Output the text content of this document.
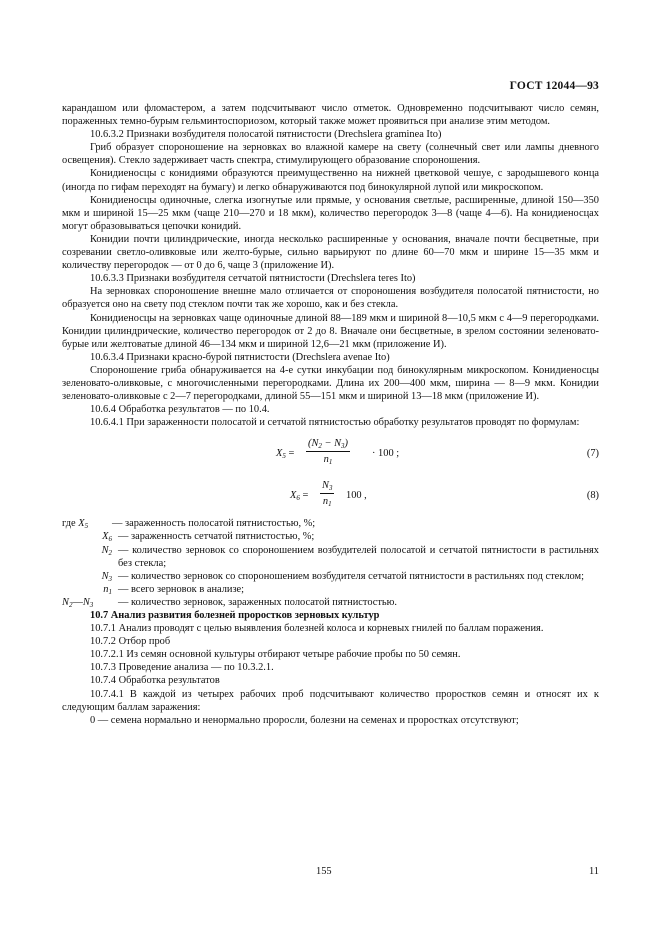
ГОСТ 12044—93

карандашом или фломастером, а затем подсчитывают число отметок. Одновременно подсчитывают число семян, пораженных темно-бурым гельминтоспориозом, который также может проявиться при анализе этим методом.

10.6.3.2 Признаки возбудителя полосатой пятнистости (Drechslera graminea Ito)

Гриб образует спороношение на зерновках во влажной камере на свету (солнечный свет или лампы дневного освещения). Стекло задерживает часть спектра, стимулирующего образование спороношения.

Конидиеносцы с конидиями образуются преимущественно на нижней цветковой чешуе, с зародышевого конца (иногда по гифам переходят на бумагу) и легко обнаруживаются под бинокулярной лупой или микроскопом.

Конидиеносцы одиночные, слегка изогнутые или прямые, у основания светлые, расширенные, длиной 150—350 мкм и шириной 15—25 мкм (чаще 210—270 и 18 мкм), количество перегородок 3—8 (чаще 4—6). На конидиеносцах могут образовываться цепочки конидий.

Конидии почти цилиндрические, иногда несколько расширенные у основания, вначале почти бесцветные, при созревании светло-оливковые или желто-бурые, сильно варьируют по длине 60—70 мкм и ширине 15—35 мкм и количеству перегородок — от 0 до 6, чаще 3 (приложение И).

10.6.3.3 Признаки возбудителя сетчатой пятнистости (Drechslera teres Ito)

На зерновках спороношение внешне мало отличается от спороношения возбудителя полосатой пятнистости, но образуется оно на свету под стеклом почти так же хорошо, как и без стекла.

Конидиеносцы на зерновках чаще одиночные длиной 88—189 мкм и шириной 8—10,5 мкм с 4—9 перегородками. Конидии цилиндрические, количество перегородок от 2 до 8. Вначале они бесцветные, в зрелом состоянии зеленовато-бурые или желтоватые длиной 46—134 мкм и шириной 12,6—21 мкм (приложение И).

10.6.3.4 Признаки красно-бурой пятнистости (Drechslera avenae Ito)

Спороношение гриба обнаруживается на 4-е сутки инкубации под бинокулярным микроскопом. Конидиеносцы зеленовато-оливковые, с многочисленными перегородками. Длина их 200—400 мкм, ширина — 8—9 мкм. Конидии зеленовато-оливковые с 2—7 перегородками, длиной 55—151 мкм и шириной 13—18 мкм (приложение И).

10.6.4 Обработка результатов — по 10.4.

10.6.4.1 При зараженности полосатой и сетчатой пятнистостью обработку результатов проводят по формулам:

$X_5$ =
$(N_2 - N_3)$
$n_1$
· 100 ;	(7)
$X_6$ =
$N_3$
$n_1$
100 ,	(8)
где $X_5$	— зараженность полосатой пятнистостью, %;
$X_6$ — зараженность сетчатой пятнистостью, %;
$N_2$ — количество зерновок со спороношением возбудителей полосатой и сетчатой пятнистости в растильнях без стекла;
$N_3$ — количество зерновок со спороношением возбудителя сетчатой пятнистости в растильнях под стеклом;
$n_1$ — всего зерновок в анализе;
$N_2—N_3$	— количество зерновок, зараженных полосатой пятнистостью.

10.7 Анализ развития болезней проростков зерновых культур

10.7.1 Анализ проводят с целью выявления болезней колоса и корневых гнилей по баллам поражения.

10.7.2 Отбор проб

10.7.2.1 Из семян основной культуры отбирают четыре рабочие пробы по 50 семян.

10.7.3 Проведение анализа — по 10.3.2.1.

10.7.4 Обработка результатов

10.7.4.1 В каждой из четырех рабочих проб подсчитывают количество проростков семян и относят их к следующим баллам заражения:

0 — семена нормально и ненормально проросли, болезни на семенах и проростках отсутствуют;

155	11
